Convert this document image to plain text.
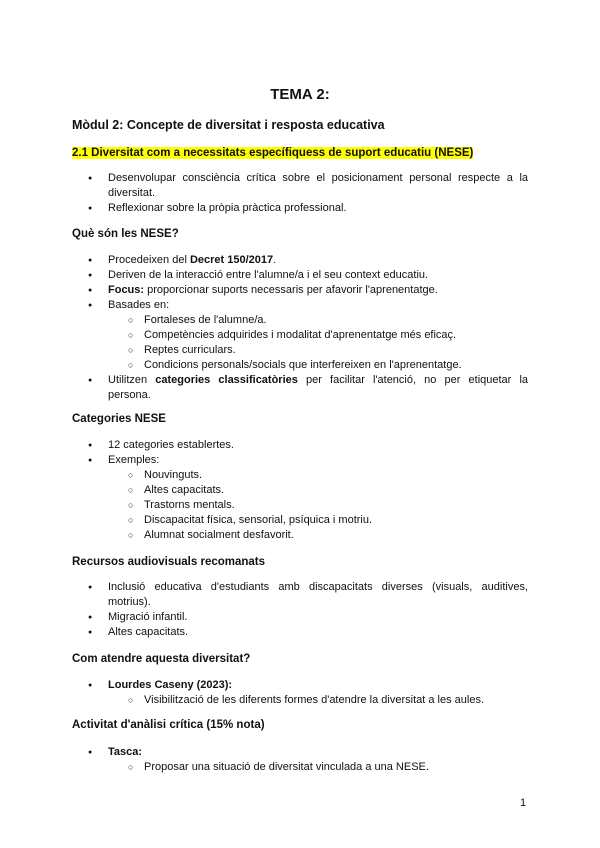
TEMA 2:
Mòdul 2: Concepte de diversitat i resposta educativa
2.1 Diversitat com a necessitats específiquess de suport educatiu (NESE)
● Desenvolupar consciència crítica sobre el posicionament personal respecte a la diversitat.
● Reflexionar sobre la pròpia pràctica professional.
Què són les NESE?
● Procedeixen del Decret 150/2017.
● Deriven de la interacció entre l'alumne/a i el seu context educatiu.
● Focus: proporcionar suports necessaris per afavorir l'aprenentatge.
● Basades en:
○ Fortaleses de l'alumne/a.
○ Competències adquirides i modalitat d'aprenentatge més eficaç.
○ Reptes curriculars.
○ Condicions personals/socials que interfereixen en l'aprenentatge.
● Utilitzen categories classificatòries per facilitar l'atenció, no per etiquetar la persona.
Categories NESE
● 12 categories establertes.
● Exemples:
○ Nouvinguts.
○ Altes capacitats.
○ Trastorns mentals.
○ Discapacitat física, sensorial, psíquica i motriu.
○ Alumnat socialment desfavorit.
Recursos audiovisuals recomanats
● Inclusió educativa d'estudiants amb discapacitats diverses (visuals, auditives, motrius).
● Migració infantil.
● Altes capacitats.
Com atendre aquesta diversitat?
● Lourdes Caseny (2023):
○ Visibilització de les diferents formes d'atendre la diversitat a les aules.
Activitat d'anàlisi crítica (15% nota)
● Tasca:
○ Proposar una situació de diversitat vinculada a una NESE.
1
